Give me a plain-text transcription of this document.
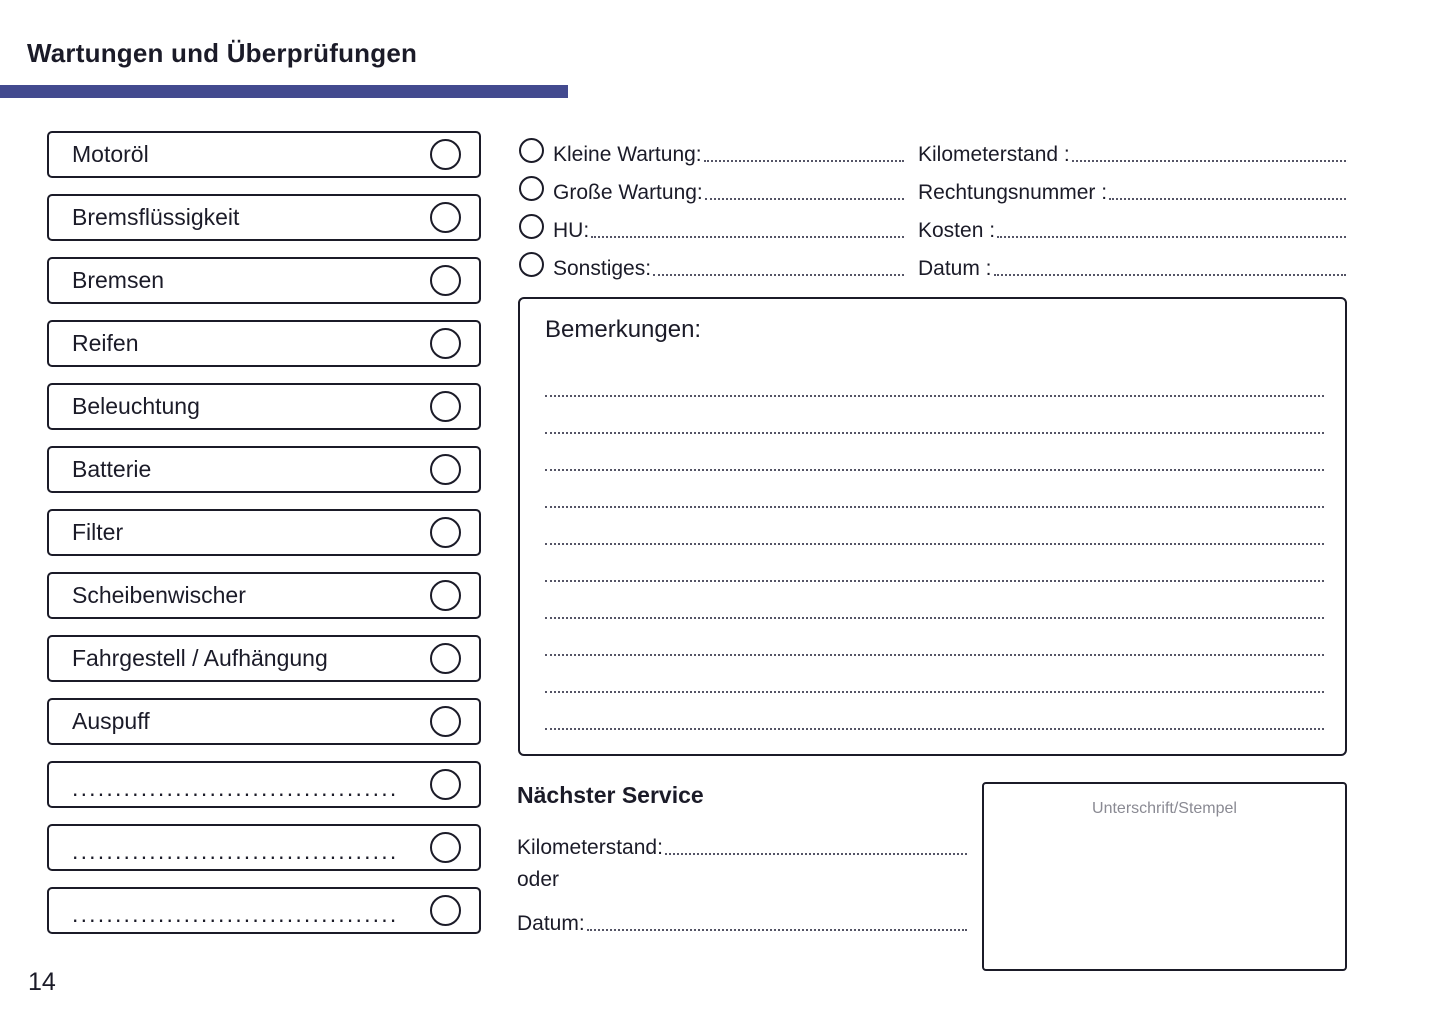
Wartungen und Überprüfungen
Motoröl
Bremsflüssigkeit
Bremsen
Reifen
Beleuchtung
Batterie
Filter
Scheibenwischer
Fahrgestell / Aufhängung
Auspuff
......................................
......................................
......................................
Kleine Wartung:
Große Wartung:
HU:
Sonstiges:
Kilometerstand :
Rechtungsnummer :
Kosten :
Datum :
Bemerkungen:
Nächster Service
Kilometerstand:
oder
Datum:
Unterschrift/Stempel
14
